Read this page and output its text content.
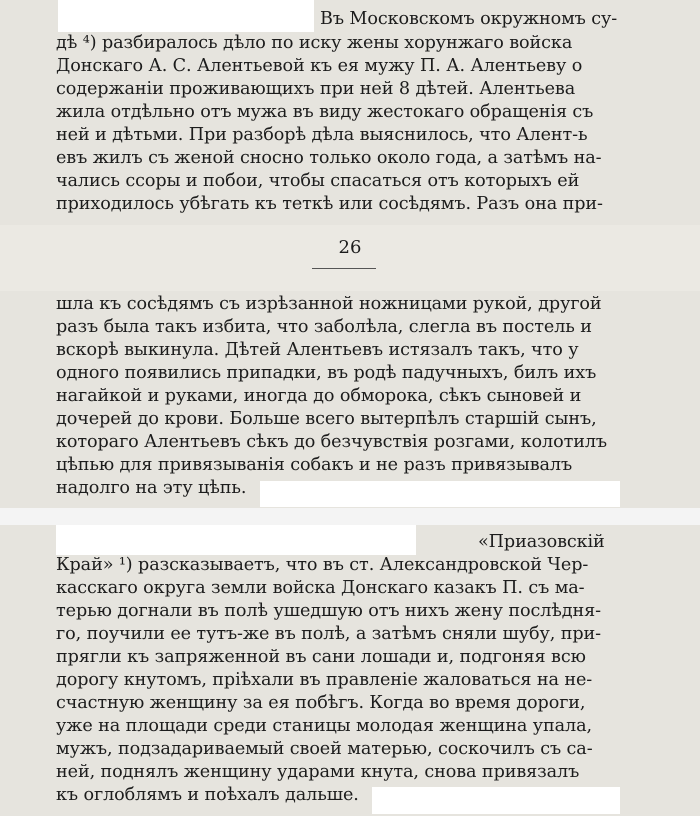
Въ Московскомъ окружномъ су-
дѣ ⁴) разбиралось дѣло по иску жены хорунжаго войска
Донскаго А. С. Алентьевой къ ея мужу П. А. Алентьеву о
содержаніи проживающихъ при ней 8 дѣтей. Алентьева
жила отдѣльно отъ мужа въ виду жестокаго обращенія съ
ней и дѣтьми. При разборѣ дѣла выяснилось, что Алент-ь
евъ жилъ съ женой сносно только около года, а затѣмъ на-
чались ссоры и побои, чтобы спасаться отъ которыхъ ей
приходилось убѣгать къ теткѣ или сосѣдямъ. Разъ она при-
26
шла къ сосѣдямъ съ изрѣзанной ножницами рукой, другой
разъ была такъ избита, что заболѣла, слегла въ постель и
вскорѣ выкинула. Дѣтей Алентьевъ истязалъ такъ, что у
одного появились припадки, въ родѣ падучныхъ, билъ ихъ
нагайкой и руками, иногда до обморока, сѣкъ сыновей и
дочерей до крови. Больше всего вытерпѣлъ старшій сынъ,
котораго Алентьевъ сѣкъ до безчувствія розгами, колотилъ
цѣпью для привязыванія собакъ и не разъ привязывалъ
надолго на эту цѣпь.
«Приазовскій
Край» ¹) разсказываетъ, что въ ст. Александровской Чер-
касскаго округа земли войска Донскаго казакъ П. съ ма-
терью догнали въ полѣ ушедшую отъ нихъ жену послѣдня-
го, поучили ее тутъ-же въ полѣ, а затѣмъ сняли шубу, при-
прягли къ запряженной въ сани лошади и, подгоняя всю
дорогу кнутомъ, пріѣхали въ правленіе жаловаться на не-
счастную женщину за ея побѣгъ. Когда во время дороги,
уже на площади среди станицы молодая женщина упала,
мужъ, подзадариваемый своей матерью, соскочилъ съ са-
ней, поднялъ женщину ударами кнута, снова привязалъ
къ оглоблямъ и поѣхалъ дальше.
